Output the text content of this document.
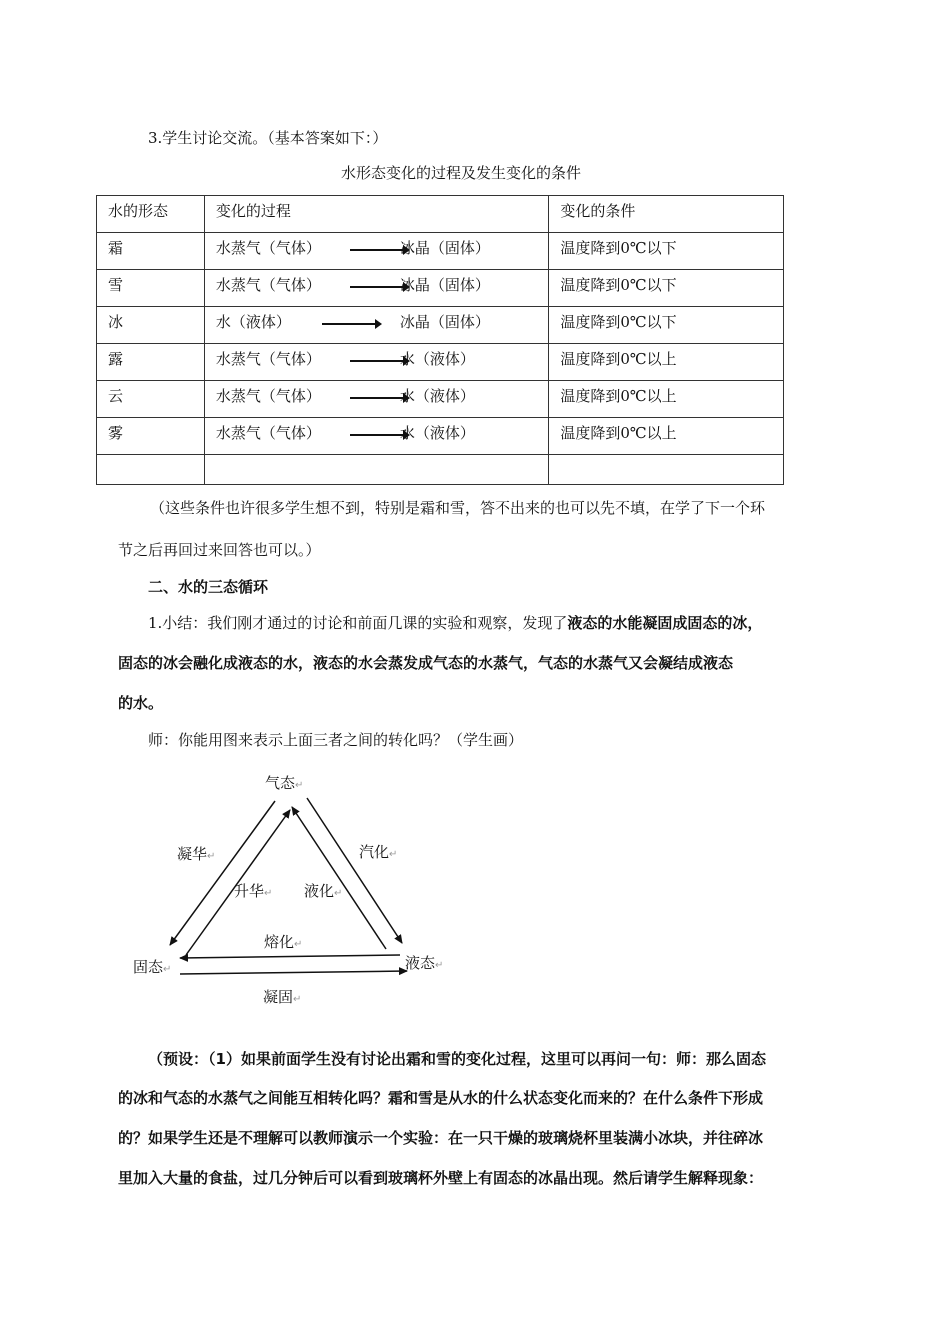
3.学生讨论交流。（基本答案如下：）
水形态变化的过程及发生变化的条件
水的形态	变化的过程	变化的条件
霜	水蒸气（气体） 冰晶（固体）	温度降到0℃以下
雪	水蒸气（气体） 冰晶（固体）	温度降到0℃以下
冰	水（液体） 冰晶（固体）	温度降到0℃以下
露	水蒸气（气体） 水（液体）	温度降到0℃以上
云	水蒸气（气体） 水（液体）	温度降到0℃以上
雾	水蒸气（气体） 水（液体）	温度降到0℃以上

（这些条件也许很多学生想不到，特别是霜和雪，答不出来的也可以先不填，在学了下一个环
节之后再回过来回答也可以。）
二、水的三态循环
1.小结：我们刚才通过的讨论和前面几课的实验和观察，发现了液态的水能凝固成固态的冰，
固态的冰会融化成液态的水，液态的水会蒸发成气态的水蒸气，气态的水蒸气又会凝结成液态
的水。
师：你能用图来表示上面三者之间的转化吗？（学生画）
气态↵
固态↵	液态↵
凝华↵
升华↵
汽化↵
液化↵
熔化↵
凝固↵
（预设：（1）如果前面学生没有讨论出霜和雪的变化过程，这里可以再问一句：师：那么固态
的冰和气态的水蒸气之间能互相转化吗？霜和雪是从水的什么状态变化而来的？在什么条件下形成
的？如果学生还是不理解可以教师演示一个实验：在一只干燥的玻璃烧杯里装满小冰块，并往碎冰
里加入大量的食盐，过几分钟后可以看到玻璃杯外壁上有固态的冰晶出现。然后请学生解释现象：
